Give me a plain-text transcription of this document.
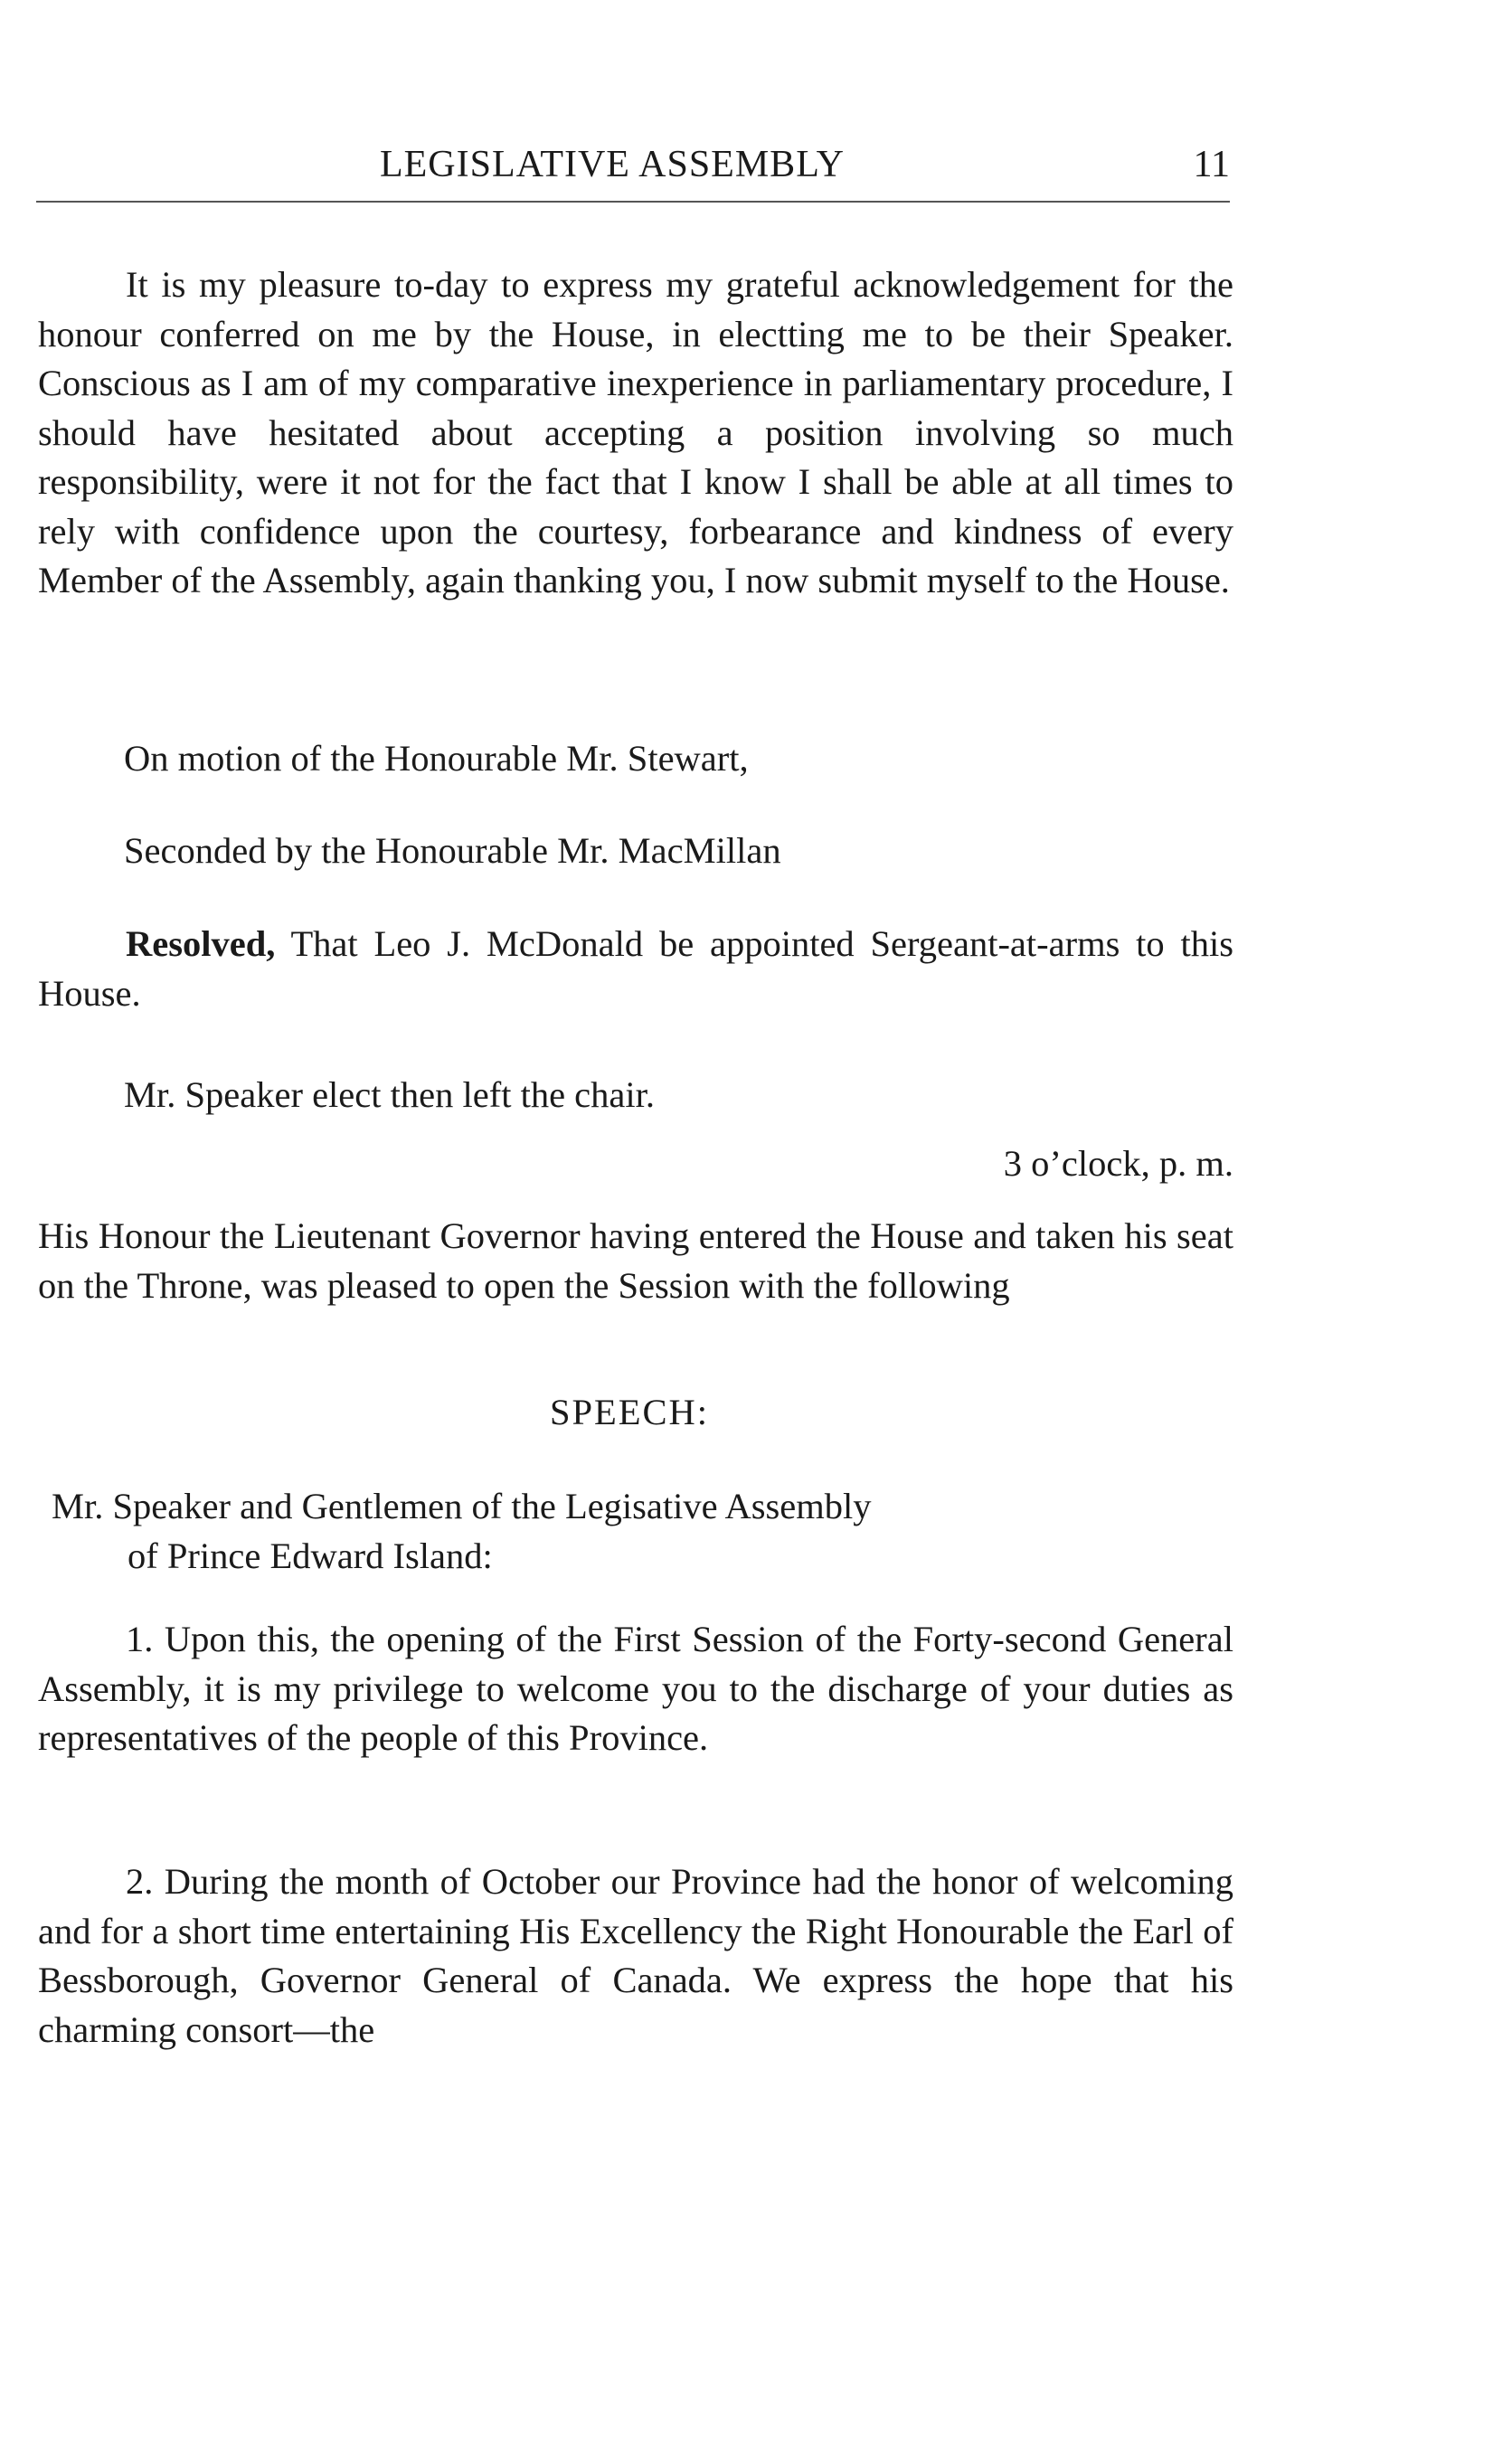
LEGISLATIVE ASSEMBLY	11

It is my pleasure to-day to express my grateful acknowledgement for the honour conferred on me by the House, in electting me to be their Speaker. Conscious as I am of my comparative inexperience in parliamentary procedure, I should have hesitated about accepting a position involving so much responsibility, were it not for the fact that I know I shall be able at all times to rely with confidence upon the courtesy, forbearance and kindness of every Member of the Assembly, again thanking you, I now submit myself to the House.

On motion of the Honourable Mr. Stewart,

Seconded by the Honourable Mr. MacMillan

Resolved, That Leo J. McDonald be appointed Sergeant-at-arms to this House.

Mr. Speaker elect then left the chair.

3 o’clock, p. m.

His Honour the Lieutenant Governor having entered the House and taken his seat on the Throne, was pleased to open the Session with the following

SPEECH:

Mr. Speaker and Gentlemen of the Legisative Assembly
of Prince Edward Island:

1. Upon this, the opening of the First Session of the Forty-second General Assembly, it is my privilege to welcome you to the discharge of your duties as representatives of the people of this Province.

2. During the month of October our Province had the honor of welcoming and for a short time entertaining His Excellency the Right Honourable the Earl of Bessborough, Governor General of Canada. We express the hope that his charming consort—the
